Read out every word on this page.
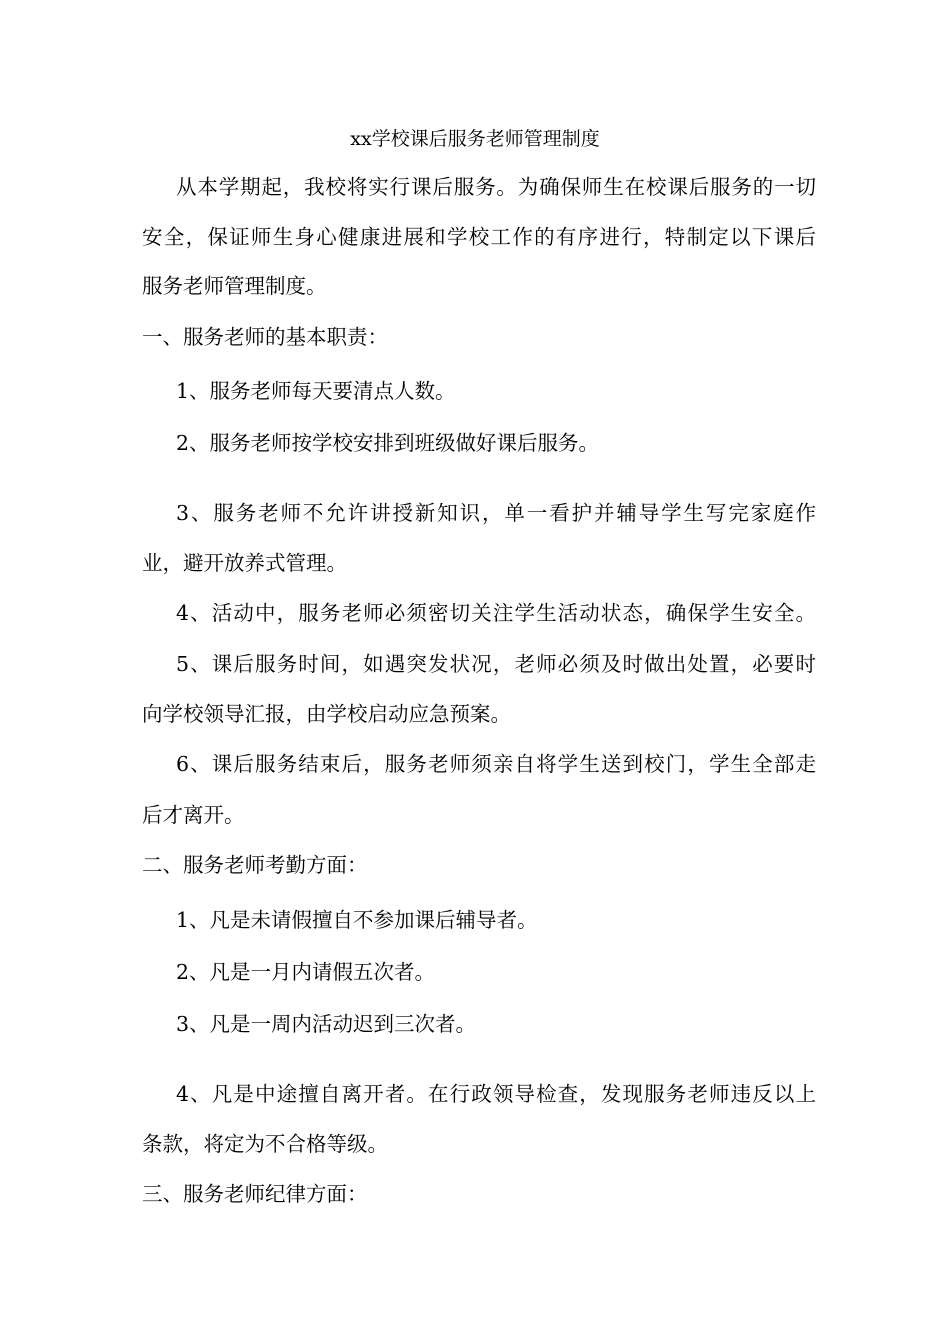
xx学校课后服务老师管理制度
从本学期起，我校将实行课后服务。为确保师生在校课后服务的一切
安全，保证师生身心健康进展和学校工作的有序进行，特制定以下课后
服务老师管理制度。
一、服务老师的基本职责：
1、服务老师每天要清点人数。
2、服务老师按学校安排到班级做好课后服务。
3、服务老师不允许讲授新知识，单一看护并辅导学生写完家庭作
业，避开放养式管理。
4、活动中，服务老师必须密切关注学生活动状态，确保学生安全。
5、课后服务时间，如遇突发状况，老师必须及时做出处置，必要时
向学校领导汇报，由学校启动应急预案。
6、课后服务结束后，服务老师须亲自将学生送到校门，学生全部走
后才离开。
二、服务老师考勤方面：
1、凡是未请假擅自不参加课后辅导者。
2、凡是一月内请假五次者。
3、凡是一周内活动迟到三次者。
4、凡是中途擅自离开者。在行政领导检查，发现服务老师违反以上
条款，将定为不合格等级。
三、服务老师纪律方面：
